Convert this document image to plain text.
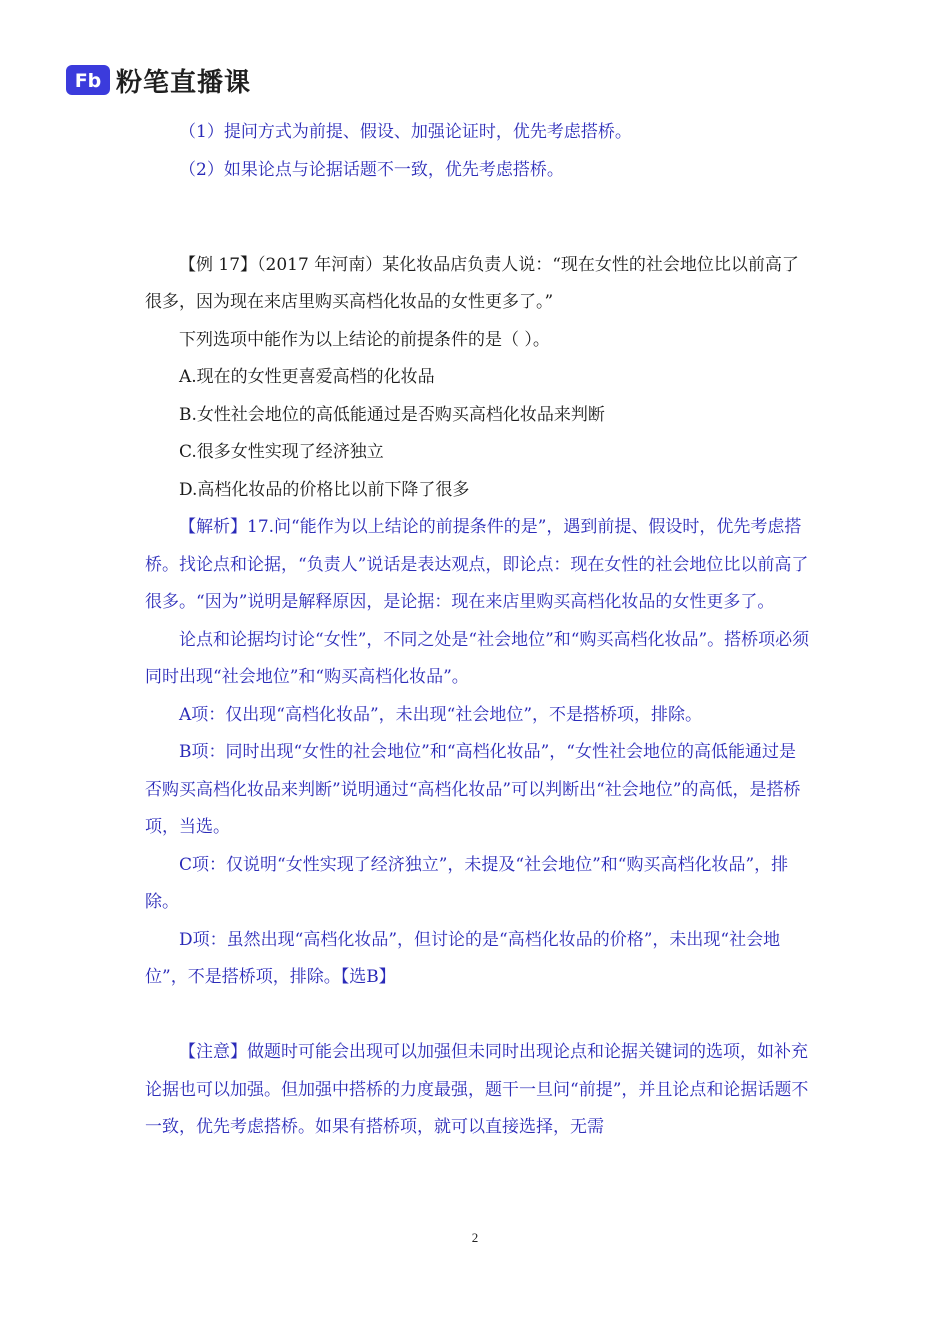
Fb 粉笔直播课

（1）提问方式为前提、假设、加强论证时，优先考虑搭桥。

（2）如果论点与论据话题不一致，优先考虑搭桥。

【例 17】（2017 年河南）某化妆品店负责人说：“现在女性的社会地位比以前高了很多，因为现在来店里购买高档化妆品的女性更多了。”

下列选项中能作为以上结论的前提条件的是（ ）。

A.现在的女性更喜爱高档的化妆品

B.女性社会地位的高低能通过是否购买高档化妆品来判断

C.很多女性实现了经济独立

D.高档化妆品的价格比以前下降了很多

【解析】17.问“能作为以上结论的前提条件的是”，遇到前提、假设时，优先考虑搭桥。找论点和论据，“负责人”说话是表达观点，即论点：现在女性的社会地位比以前高了很多。“因为”说明是解释原因，是论据：现在来店里购买高档化妆品的女性更多了。

论点和论据均讨论“女性”，不同之处是“社会地位”和“购买高档化妆品”。搭桥项必须同时出现“社会地位”和“购买高档化妆品”。

A项：仅出现“高档化妆品”，未出现“社会地位”，不是搭桥项，排除。

B项：同时出现“女性的社会地位”和“高档化妆品”，“女性社会地位的高低能通过是否购买高档化妆品来判断”说明通过“高档化妆品”可以判断出“社会地位”的高低，是搭桥项，当选。

C项：仅说明“女性实现了经济独立”，未提及“社会地位”和“购买高档化妆品”，排除。

D项：虽然出现“高档化妆品”，但讨论的是“高档化妆品的价格”，未出现“社会地位”，不是搭桥项，排除。【选B】

【注意】做题时可能会出现可以加强但未同时出现论点和论据关键词的选项，如补充论据也可以加强。但加强中搭桥的力度最强，题干一旦问“前提”，并且论点和论据话题不一致，优先考虑搭桥。如果有搭桥项，就可以直接选择，无需

2
